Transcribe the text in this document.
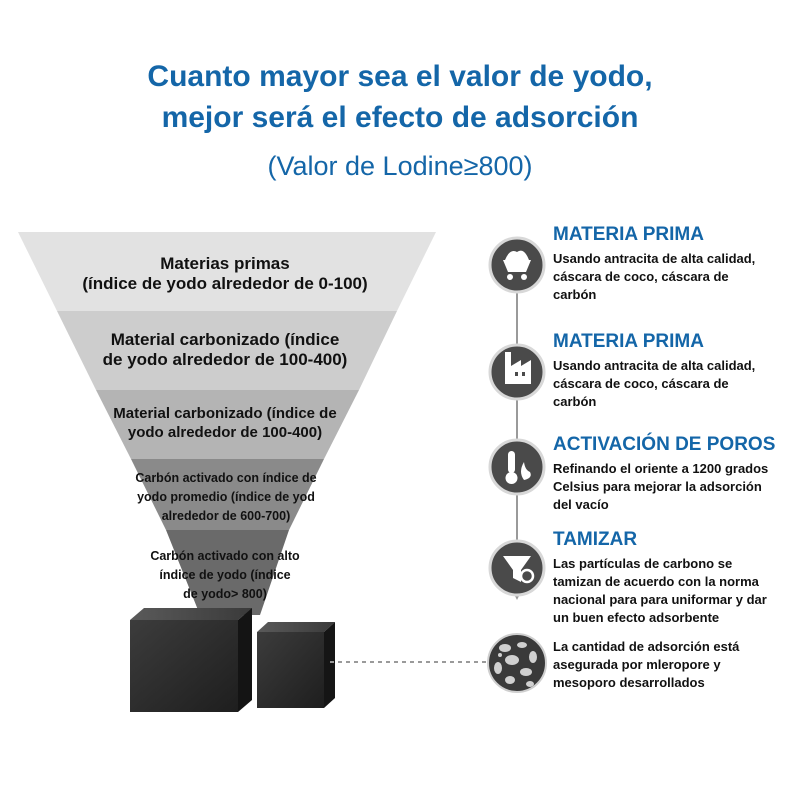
Cuanto mayor sea el valor de yodo,
mejor será el efecto de adsorción
(Valor de Lodine≥800)
Materias primas
(índice de yodo alrededor de 0-100)
Material carbonizado (índice
de yodo alrededor de 100-400)
Material carbonizado (índice de
yodo alrededor de 100-400)
Carbón activado con índice de
yodo promedio (índice de yod
alrededor de 600-700)
Carbón activado con alto
índice de yodo (índice
de yodo> 800)
MATERIA PRIMA
Usando antracita de alta calidad,
cáscara de coco, cáscara de
carbón
MATERIA PRIMA
Usando antracita de alta calidad,
cáscara de coco, cáscara de
carbón
ACTIVACIÓN DE POROS
Refinando el oriente a 1200 grados
Celsius para mejorar la adsorción
del vacío
TAMIZAR
Las partículas de carbono se
tamizan de acuerdo con la norma
nacional para para uniformar y dar
un buen efecto adsorbente
La cantidad de adsorción está
asegurada por mleropore y
mesoporo desarrollados
